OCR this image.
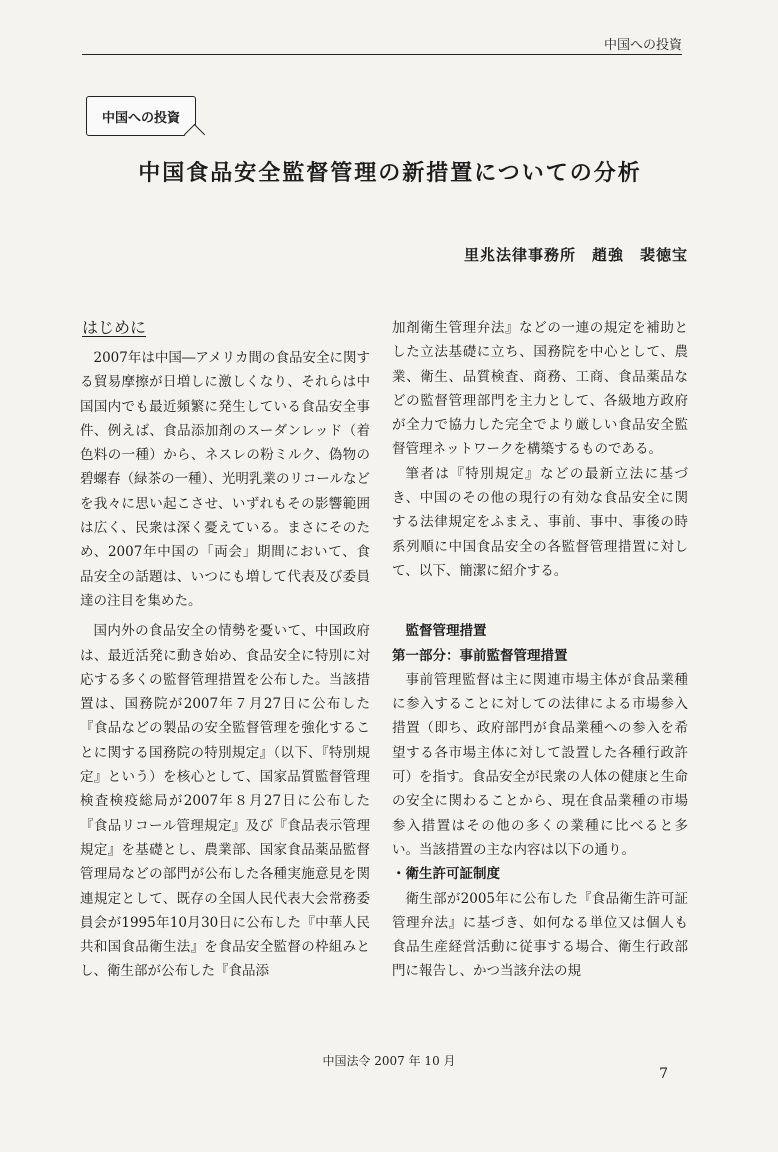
中国への投資
中国への投資
中国食品安全監督管理の新措置についての分析
里兆法律事務所　趙強　裴徳宝
はじめに

2007年は中国―アメリカ間の食品安全に関する貿易摩擦が日増しに激しくなり、それらは中国国内でも最近頻繁に発生している食品安全事件、例えば、食品添加剤のスーダンレッド（着色料の一種）から、ネスレの粉ミルク、偽物の碧螺春（緑茶の一種）、光明乳業のリコールなどを我々に思い起こさせ、いずれもその影響範囲は広く、民衆は深く憂えている。まさにそのため、2007年中国の「両会」期間において、食品安全の話題は、いつにも増して代表及び委員達の注目を集めた。

国内外の食品安全の情勢を憂いて、中国政府は、最近活発に動き始め、食品安全に特別に対応する多くの監督管理措置を公布した。当該措置は、国務院が2007年７月27日に公布した『食品などの製品の安全監督管理を強化することに関する国務院の特別規定』（以下、『特別規定』という）を核心として、国家品質監督管理検査検疫総局が2007年８月27日に公布した『食品リコール管理規定』及び『食品表示管理規定』を基礎とし、農業部、国家食品薬品監督管理局などの部門が公布した各種実施意見を関連規定として、既存の全国人民代表大会常務委員会が1995年10月30日に公布した『中華人民共和国食品衛生法』を食品安全監督の枠組みとし、衛生部が公布した『食品添

加剤衛生管理弁法』などの一連の規定を補助とした立法基礎に立ち、国務院を中心として、農業、衛生、品質検査、商務、工商、食品薬品などの監督管理部門を主力として、各級地方政府が全力で協力した完全でより厳しい食品安全監督管理ネットワークを構築するものである。

筆者は『特別規定』などの最新立法に基づき、中国のその他の現行の有効な食品安全に関する法律規定をふまえ、事前、事中、事後の時系列順に中国食品安全の各監督管理措置に対して、以下、簡潔に紹介する。

監督管理措置
第一部分：事前監督管理措置

事前管理監督は主に関連市場主体が食品業種に参入することに対しての法律による市場参入措置（即ち、政府部門が食品業種への参入を希望する各市場主体に対して設置した各種行政許可）を指す。食品安全が民衆の人体の健康と生命の安全に関わることから、現在食品業種の市場参入措置はその他の多くの業種に比べると多い。当該措置の主な内容は以下の通り。

・衛生許可証制度

衛生部が2005年に公布した『食品衛生許可証管理弁法』に基づき、如何なる単位又は個人も食品生産経営活動に従事する場合、衛生行政部門に報告し、かつ当該弁法の規

中国法令 2007 年 10 月
7
